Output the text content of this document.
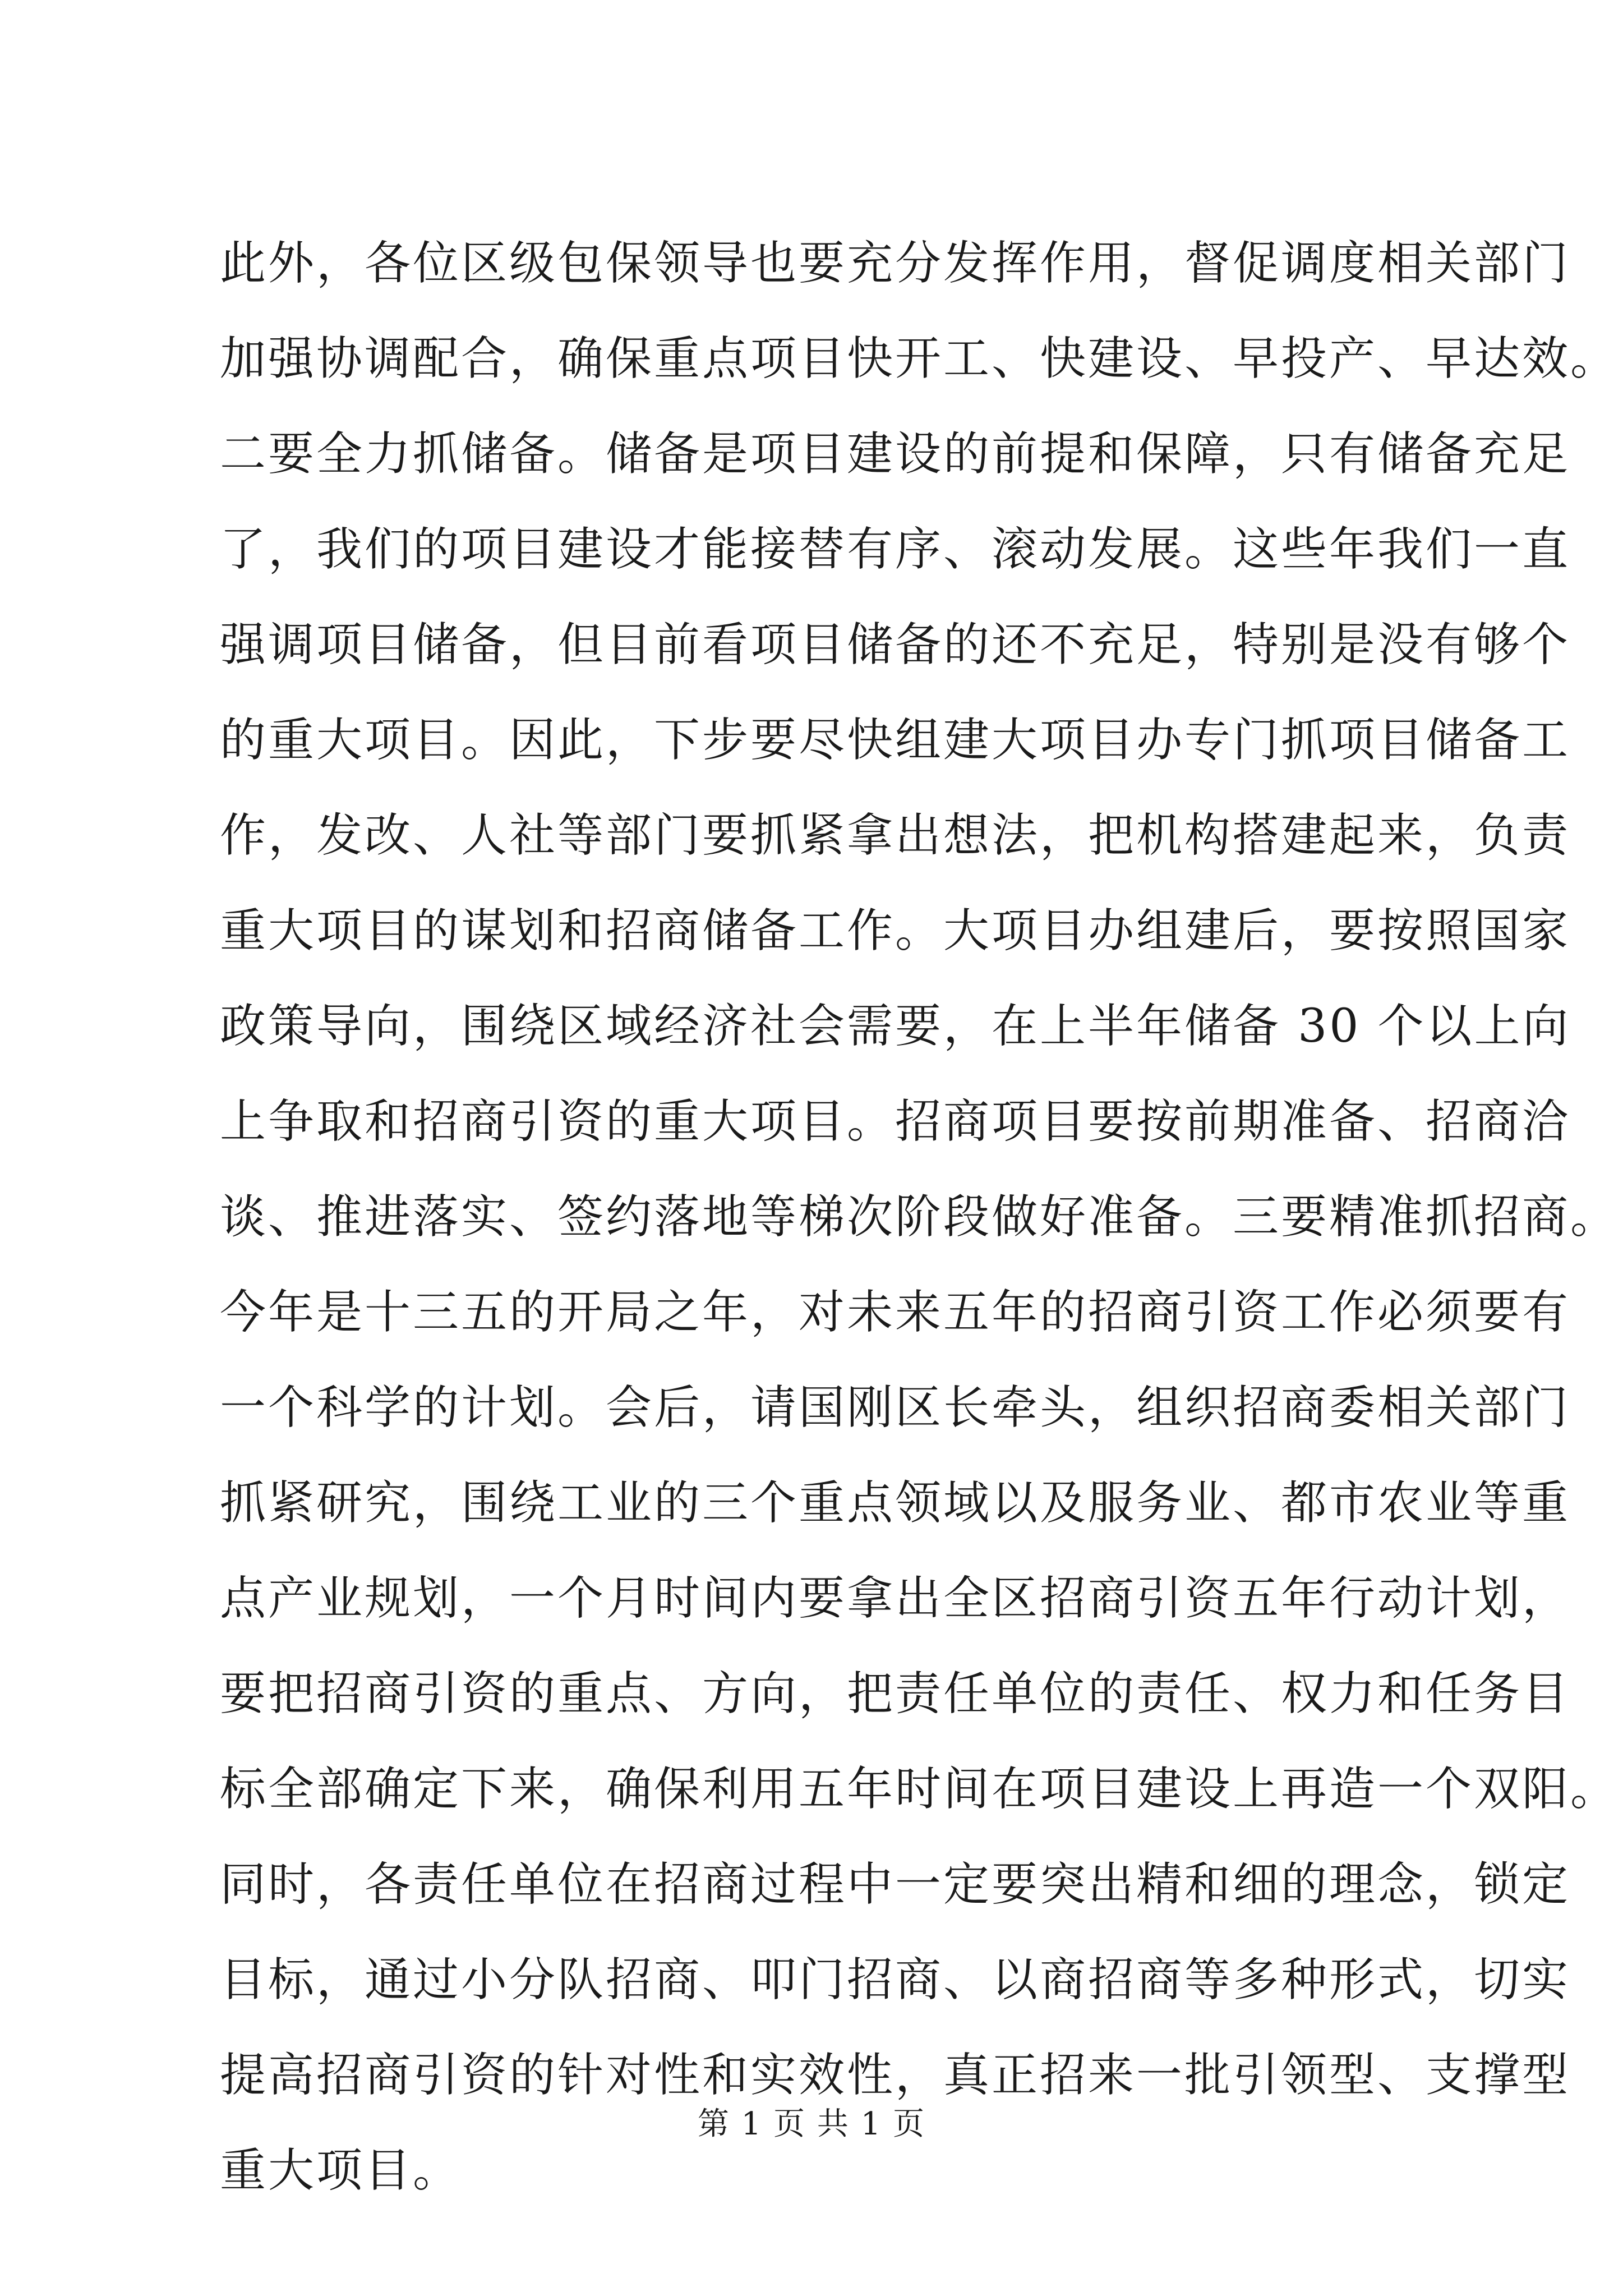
此外，各位区级包保领导也要充分发挥作用，督促调度相关部门
加强协调配合，确保重点项目快开工、快建设、早投产、早达效。
二要全力抓储备。储备是项目建设的前提和保障，只有储备充足
了，我们的项目建设才能接替有序、滚动发展。这些年我们一直
强调项目储备，但目前看项目储备的还不充足，特别是没有够个
的重大项目。因此，下步要尽快组建大项目办专门抓项目储备工
作，发改、人社等部门要抓紧拿出想法，把机构搭建起来，负责
重大项目的谋划和招商储备工作。大项目办组建后，要按照国家
政策导向，围绕区域经济社会需要，在上半年储备 30 个以上向
上争取和招商引资的重大项目。招商项目要按前期准备、招商洽
谈、推进落实、签约落地等梯次阶段做好准备。三要精准抓招商。
今年是十三五的开局之年，对未来五年的招商引资工作必须要有
一个科学的计划。会后，请国刚区长牵头，组织招商委相关部门
抓紧研究，围绕工业的三个重点领域以及服务业、都市农业等重
点产业规划，一个月时间内要拿出全区招商引资五年行动计划，
要把招商引资的重点、方向，把责任单位的责任、权力和任务目
标全部确定下来，确保利用五年时间在项目建设上再造一个双阳。
同时，各责任单位在招商过程中一定要突出精和细的理念，锁定
目标，通过小分队招商、叩门招商、以商招商等多种形式，切实
提高招商引资的针对性和实效性，真正招来一批引领型、支撑型
重大项目。
第 1 页 共 1 页
